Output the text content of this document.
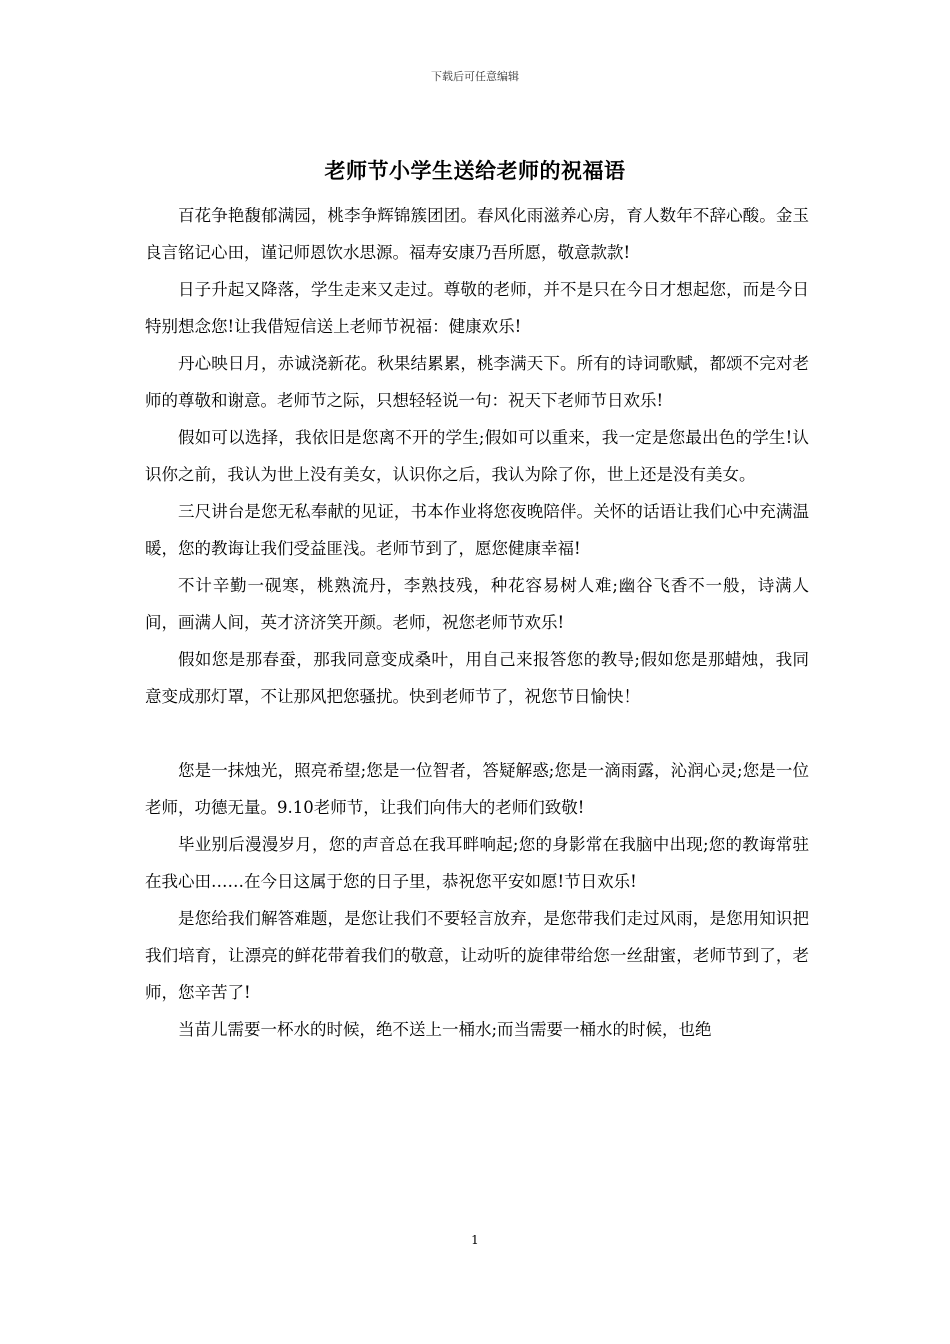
下载后可任意编辑
老师节小学生送给老师的祝福语

百花争艳馥郁满园，桃李争辉锦簇团团。春风化雨滋养心房，育人数年不辞心酸。金玉良言铭记心田，谨记师恩饮水思源。福寿安康乃吾所愿，敬意款款!

日子升起又降落，学生走来又走过。尊敬的老师，并不是只在今日才想起您，而是今日特别想念您!让我借短信送上老师节祝福：健康欢乐!

丹心映日月，赤诚浇新花。秋果结累累，桃李满天下。所有的诗词歌赋，都颂不完对老师的尊敬和谢意。老师节之际，只想轻轻说一句：祝天下老师节日欢乐!

假如可以选择，我依旧是您离不开的学生;假如可以重来，我一定是您最出色的学生!认识你之前，我认为世上没有美女，认识你之后，我认为除了你，世上还是没有美女。

三尺讲台是您无私奉献的见证，书本作业将您夜晚陪伴。关怀的话语让我们心中充满温暖，您的教诲让我们受益匪浅。老师节到了，愿您健康幸福!

不计辛勤一砚寒，桃熟流丹，李熟技残，种花容易树人难;幽谷飞香不一般，诗满人间，画满人间，英才济济笑开颜。老师，祝您老师节欢乐!

假如您是那春蚕，那我同意变成桑叶，用自己来报答您的教导;假如您是那蜡烛，我同意变成那灯罩，不让那风把您骚扰。快到老师节了，祝您节日愉快！

您是一抹烛光，照亮希望;您是一位智者，答疑解惑;您是一滴雨露，沁润心灵;您是一位老师，功德无量。9.10老师节，让我们向伟大的老师们致敬!

毕业别后漫漫岁月，您的声音总在我耳畔响起;您的身影常在我脑中出现;您的教诲常驻在我心田……在今日这属于您的日子里，恭祝您平安如愿!节日欢乐!

是您给我们解答难题，是您让我们不要轻言放弃，是您带我们走过风雨，是您用知识把我们培育，让漂亮的鲜花带着我们的敬意，让动听的旋律带给您一丝甜蜜，老师节到了，老师，您辛苦了!

当苗儿需要一杯水的时候，绝不送上一桶水;而当需要一桶水的时候，也绝

1
